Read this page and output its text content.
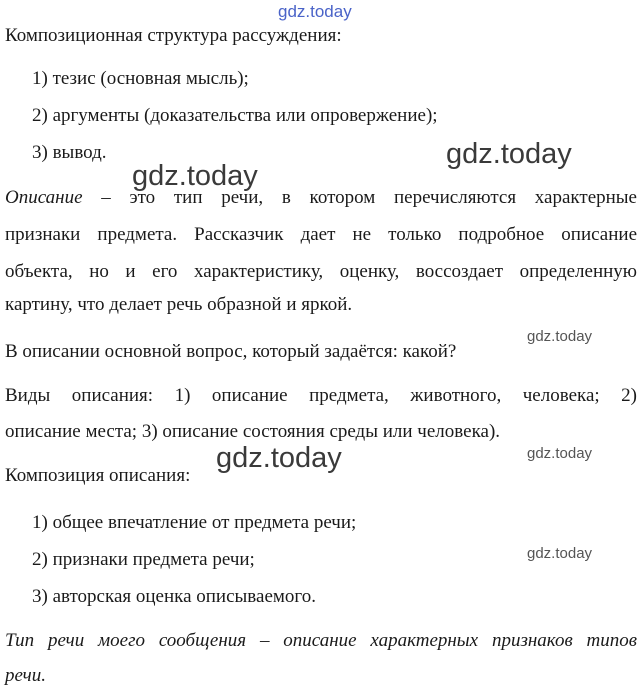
gdz.today
Композиционная структура рассуждения:
1) тезис (основная мысль);
2) аргументы (доказательства или опровержение);
3) вывод.	gdz.today
gdz.today
Описание – это тип речи, в котором перечисляются характерные
признаки предмета. Рассказчик дает не только подробное описание
объекта, но и его характеристику, оценку, воссоздает определенную
картину, что делает речь образной и яркой.
gdz.today
В описании основной вопрос, который задаётся: какой?
Виды описания: 1) описание предмета, животного, человека; 2)
описание места; 3) описание состояния среды или человека).
gdz.today	gdz.today
Композиция описания:
1) общее впечатление от предмета речи;
2) признаки предмета речи;	gdz.today
3) авторская оценка описываемого.
Тип речи моего сообщения – описание характерных признаков типов
речи.
